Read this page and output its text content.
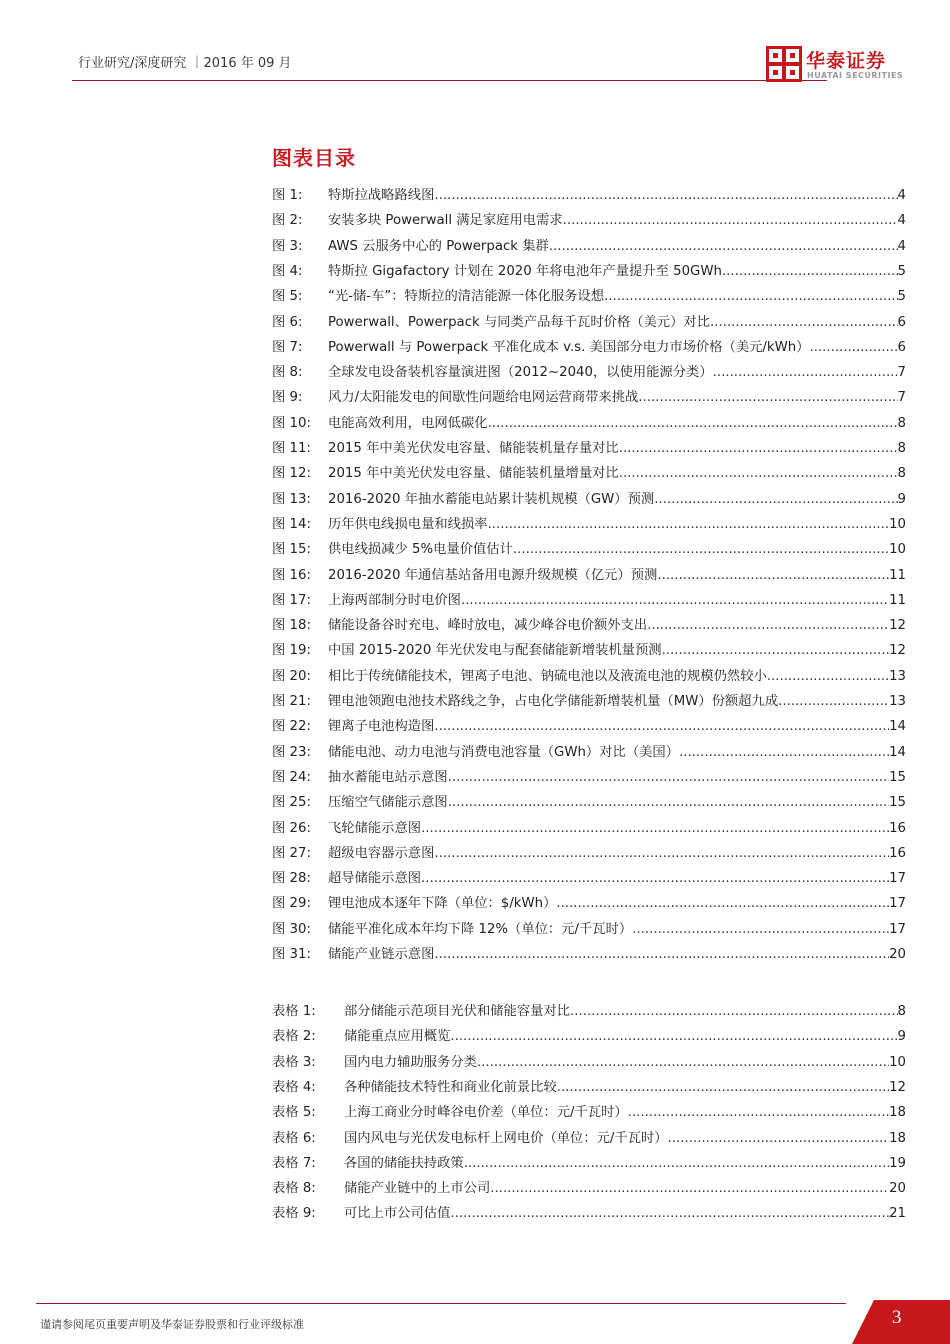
行业研究/深度研究 ｜2016 年 09 月	华泰证券
HUATAI SECURITIES
图表目录
图 1:	特斯拉战略路线图 .....	4
图 2:	安装多块 Powerwall 满足家庭用电需求 .....	4
图 3:	AWS 云服务中心的 Powerpack 集群 .....	4
图 4:	特斯拉 Gigafactory 计划在 2020 年将电池年产量提升至 50GWh .....	5
图 5:	“光-储-车”：特斯拉的清洁能源一体化服务设想 .....	5
图 6:	Powerwall、Powerpack 与同类产品每千瓦时价格（美元）对比 .....	6
图 7:	Powerwall 与 Powerpack 平准化成本 v.s. 美国部分电力市场价格（美元/kWh） .....	6
图 8:	全球发电设备装机容量演进图（2012~2040，以使用能源分类） .....	7
图 9:	风力/太阳能发电的间歇性问题给电网运营商带来挑战 .....	7
图 10:	电能高效利用，电网低碳化 .....	8
图 11:	2015 年中美光伏发电容量、储能装机量存量对比 .....	8
图 12:	2015 年中美光伏发电容量、储能装机量增量对比 .....	8
图 13:	2016-2020 年抽水蓄能电站累计装机规模（GW）预测 .....	9
图 14:	历年供电线损电量和线损率 .....	10
图 15:	供电线损减少 5%电量价值估计 .....	10
图 16:	2016-2020 年通信基站备用电源升级规模（亿元）预测 .....	11
图 17:	上海两部制分时电价图 .....	11
图 18:	储能设备谷时充电、峰时放电，减少峰谷电价额外支出 .....	12
图 19:	中国 2015-2020 年光伏发电与配套储能新增装机量预测 .....	12
图 20:	相比于传统储能技术，锂离子电池、钠硫电池以及液流电池的规模仍然较小 .....	13
图 21:	锂电池领跑电池技术路线之争，占电化学储能新增装机量（MW）份额超九成 .....	13
图 22:	锂离子电池构造图 .....	14
图 23:	储能电池、动力电池与消费电池容量（GWh）对比（美国） .....	14
图 24:	抽水蓄能电站示意图 .....	15
图 25:	压缩空气储能示意图 .....	15
图 26:	飞轮储能示意图 .....	16
图 27:	超级电容器示意图 .....	16
图 28:	超导储能示意图 .....	17
图 29:	锂电池成本逐年下降（单位：$/kWh） .....	17
图 30:	储能平准化成本年均下降 12%（单位：元/千瓦时） .....	17
图 31:	储能产业链示意图 .....	20
表格 1:	部分储能示范项目光伏和储能容量对比 .....	8
表格 2:	储能重点应用概览 .....	9
表格 3:	国内电力辅助服务分类 .....	10
表格 4:	各种储能技术特性和商业化前景比较 .....	12
表格 5:	上海工商业分时峰谷电价差（单位：元/千瓦时） .....	18
表格 6:	国内风电与光伏发电标杆上网电价（单位：元/千瓦时） .....	18
表格 7:	各国的储能扶持政策 .....	19
表格 8:	储能产业链中的上市公司 .....	20
表格 9:	可比上市公司估值 .....	21
谨请参阅尾页重要声明及华泰证券股票和行业评级标准	3
